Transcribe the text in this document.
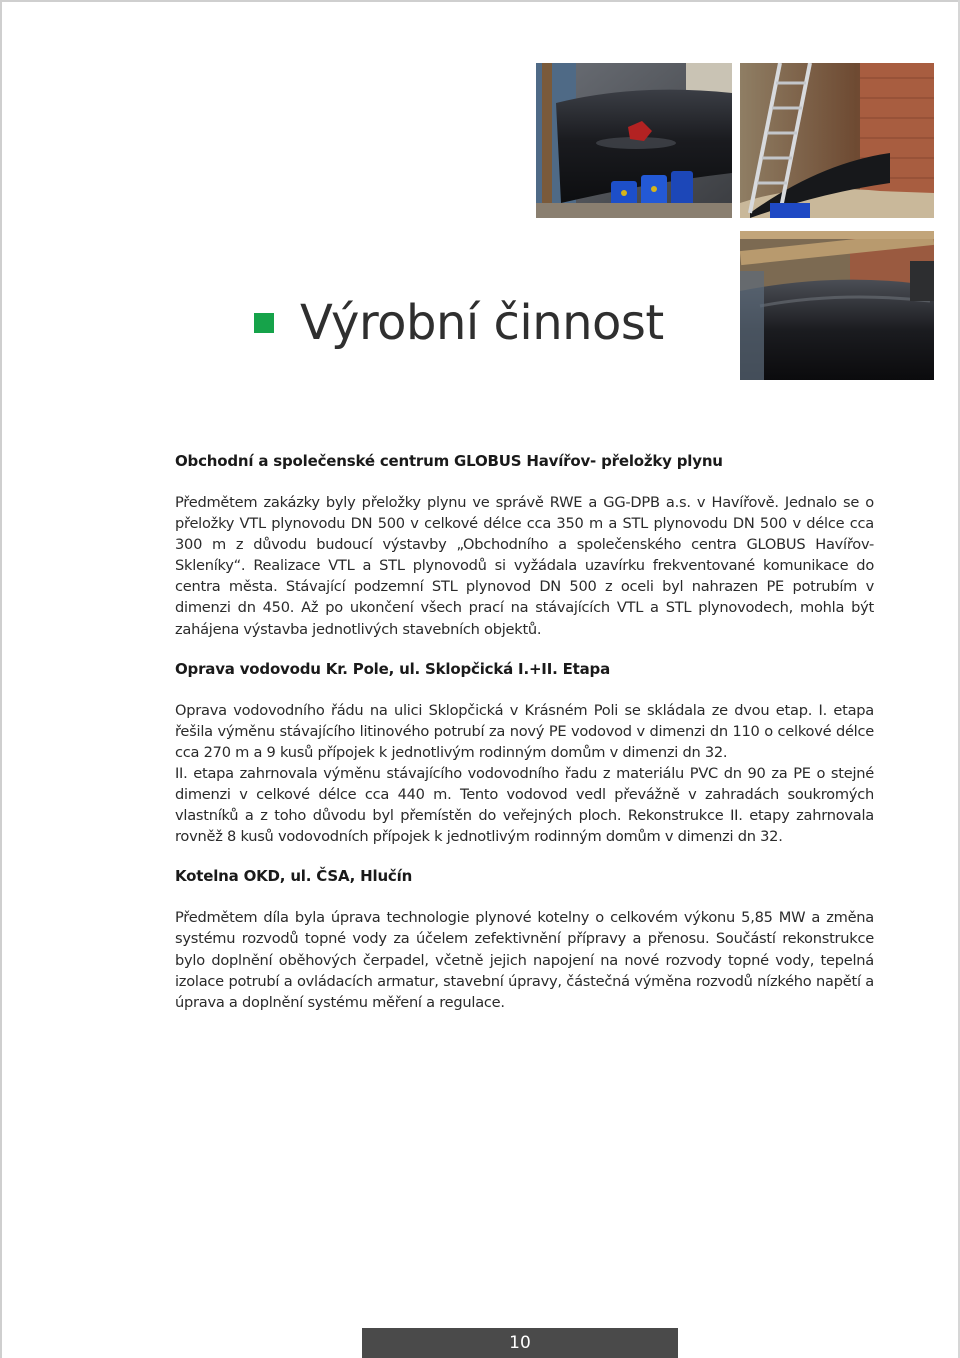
Výrobní činnost
Obchodní a společenské centrum GLOBUS Havířov- přeložky plynu

Předmětem zakázky byly přeložky plynu ve správě RWE a GG-DPB a.s. v Havířově. Jednalo se o přeložky VTL plynovodu DN 500 v celkové délce cca 350 m a STL plynovodu DN 500 v délce cca 300 m z důvodu budoucí výstavby „Obchodního a společenského centra GLOBUS Havířov-Skleníky“. Realizace VTL a STL plynovodů si vyžádala uzavírku frekventované komunikace do centra města. Stávající podzemní STL plynovod DN 500 z oceli byl nahrazen PE potrubím v dimenzi dn 450. Až po ukončení všech prací na stávajících VTL a STL plynovodech, mohla být zahájena výstavba jednotlivých stavebních objektů.

Oprava vodovodu Kr. Pole, ul. Sklopčická I.+II. Etapa

Oprava vodovodního řádu na ulici Sklopčická v Krásném Poli se skládala ze dvou etap. I. etapa řešila výměnu stávajícího litinového potrubí za nový PE vodovod v dimenzi dn 110 o celkové délce cca 270 m a 9 kusů přípojek k jednotlivým rodinným domům v dimenzi dn 32.

II. etapa zahrnovala výměnu stávajícího vodovodního řadu z materiálu PVC dn 90 za PE o stejné dimenzi v celkové délce cca 440 m. Tento vodovod vedl převážně v zahradách soukromých vlastníků a z toho důvodu byl přemístěn do veřejných ploch. Rekonstrukce II. etapy zahrnovala rovněž 8 kusů vodovodních přípojek k jednotlivým rodinným domům v dimenzi dn 32.

Kotelna OKD, ul. ČSA, Hlučín

Předmětem díla byla úprava technologie plynové kotelny o celkovém výkonu 5,85 MW a změna systému rozvodů topné vody za účelem zefektivnění přípravy a přenosu. Součástí rekonstrukce bylo doplnění oběhových čerpadel, včetně jejich napojení na nové rozvody topné vody, tepelná izolace potrubí a ovládacích armatur, stavební úpravy, částečná výměna rozvodů nízkého napětí a úprava a doplnění systému měření a regulace.

10
